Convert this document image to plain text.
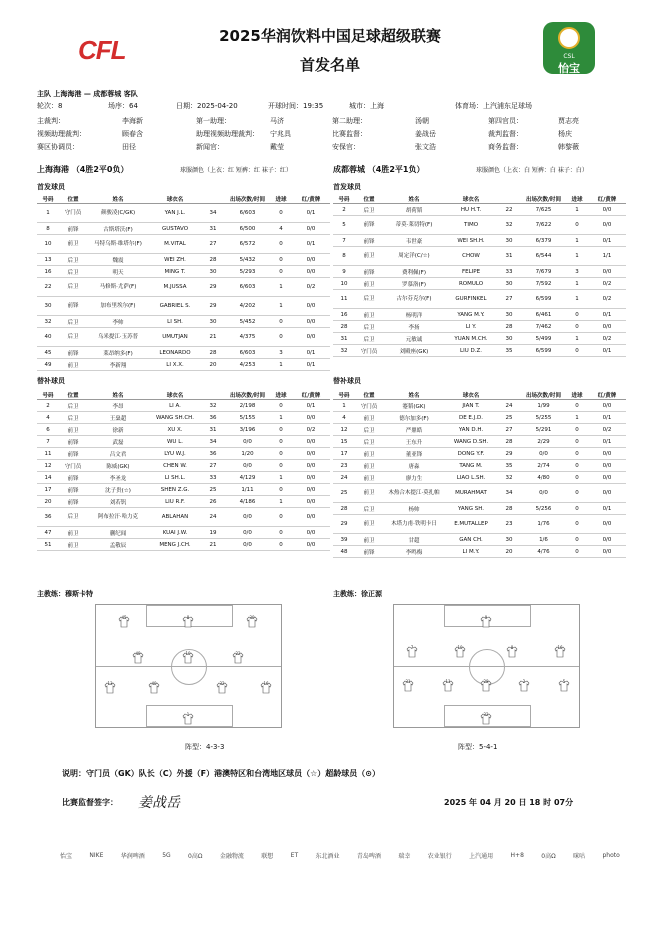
CFL	2025华润饮料中国足球超级联赛
首发名单	CSL
怡宝
主队 上海海港 — 成都蓉城 客队
轮次：8	场序：64	日期：2025-04-20	开球时间：19:35	城市：上海	体育场：上汽浦东足球场
主裁判：	李海新	第一助理：	马济	第二助理：	汤朝	第四官员：	贾志亮
视频助理裁判：	顾春含	助理视频助理裁判： 宁兆具	比赛监督：	姜战岳	裁判监督：	杨庆
赛区协调员：	田径	新闻官：	戴莹	安保官：	张文浩	商务监督：	韩黎薇
上海海港 （4胜2平0负）	球服颜色（上衣：红 短裤：红 袜子：红）	成都蓉城 （4胜2平1负）	球服颜色（上衣：白 短裤：白 袜子：白）
首发球员	首发球员
号码	位置	姓名	球衣名		出场次数/时间	进球	红/黄牌
1	守门员	颜骏凌(C/GK)	YAN J.L.	34	6/603	0	0/1
8	前锋	古斯塔沃(F)	GUSTAVO	31	6/500	4	0/0
10	前卫	马特乌斯·维塔尔(F)	M.VITAL	27	6/572	0	0/1
13	后卫	魏震	WEI ZH.	28	5/432	0	0/0
16	后卫	明天	MING T.	30	5/293	0	0/0
22	后卫	马修斯·尤萨(F)	M.JUSSA	29	6/603	1	0/2
30	前锋	加布里埃尔(F)	GABRIEL S.	29	4/202	1	0/0
32	后卫	李帅	LI SH.	30	5/452	0	0/0
40	后卫	乌米提江·玉苏普	UMUTJAN	21	4/375	0	0/0
45	前锋	莱昂纳多(F)	LEONARDO	28	6/603	3	0/1
49	前卫	李新翔	LI X.X.	20	4/253	1	0/1
号码	位置	姓名	球衣名		出场次数/时间	进球	红/黄牌
2	后卫	胡荷韬	HU H.T.	22	7/625	1	0/0
5	前锋	蒂莫·莱切特(F)	TIMO	32	7/622	0	0/0
7	前锋	韦世豪	WEI SH.H.	30	6/379	1	0/1
8	前卫	周定洋(C/☆)	CHOW	31	6/544	1	1/1
9	前锋	费利佩(F)	FELIPE	33	7/679	3	0/0
10	前卫	罗慕洛(F)	ROMULO	30	7/592	1	0/2
11	后卫	古尔芬克尔(F)	GURFINKEL	27	6/599	1	0/2
16	前卫	杨明洋	YANG M.Y.	30	6/461	0	0/1
28	后卫	李扬	LI Y.	28	7/462	0	0/0
31	后卫	元敏诚	YUAN M.CH.	30	5/499	1	0/2
32	守门员	刘殿座(GK)	LIU D.Z.	35	6/599	0	0/1
替补球员	替补球员
号码	位置	姓名	球衣名		出场次数/时间	进球	红/黄牌
2	后卫	李昂	LI A.	32	2/198	0	0/1
4	后卫	王燊超	WANG SH.CH.	36	5/155	1	0/0
6	前卫	徐新	XU X.	31	3/196	0	0/2
7	前锋	武磊	WU L.	34	0/0	0	0/0
11	前锋	吕文君	LYU W.J.	36	1/20	0	0/0
12	守门员	陈威(GK)	CHEN W.	27	0/0	0	0/0
14	前锋	李圣龙	LI SH.L.	33	4/129	1	0/0
17	前锋	沈子贵(☆)	SHEN Z.G.	25	1/11	0	0/0
20	前锋	刘若钒	LIU R.F.	26	4/186	1	0/0
36	后卫	阿布拉汗·哈力克	ABLAHAN	24	0/0	0	0/0
47	前卫	蒯纪闻	KUAI J.W.	19	0/0	0	0/0
51	前卫	孟敬辰	MENG J.CH.	21	0/0	0	0/0
号码	位置	姓名	球衣名		出场次数/时间	进球	红/黄牌
1	守门员	蹇韬(GK)	JIAN T.	24	1/99	0	0/0
4	前卫	德尔加多(F)	DE E.J.D.	25	5/255	1	0/1
12	后卫	严鼎皓	YAN D.H.	27	5/291	0	0/2
15	后卫	王东升	WANG D.SH.	28	2/29	0	0/1
17	前卫	董亚锋	DONG Y.F.	29	0/0	0	0/0
23	前卫	唐淼	TANG M.	35	2/74	0	0/0
24	前卫	廖力生	LIAO L.SH.	32	4/80	0	0/0
25	前卫	木热合木提江·莫扎帕	MURAHMAT	34	0/0	0	0/0
28	后卫	杨帅	YANG SH.	28	5/256	0	0/1
29	前卫	木塔力甫·铁明卡日	E.MUTALLEP	23	1/76	0	0/0
39	前卫	甘超	GAN CH.	30	1/6	0	0/0
48	前锋	李鸣梅	LI M.Y.	20	4/76	0	0/0
主教练：穆斯卡特	主教练：徐正源
45	8	30
49	10	22
13	40	32	16
1
阵型：4-3-3
9
7	10	8	16
31	11	28	2	5
32
阵型：5-4-1
说明：守门员（GK）队长（C）外援（F）港澳特区和台湾地区球员（☆）超龄球员（⊙）
比赛监督签字： 姜战岳	2025 年 04 月 20 日 18 时 07分
怡宝	NIKE	华润啤酒	5G	0高Ω	金融物流	联想	ET	东北酒业	青岛啤酒	瑞幸	农业银行	上汽通用	H+8	0高Ω	咪咕	photo
